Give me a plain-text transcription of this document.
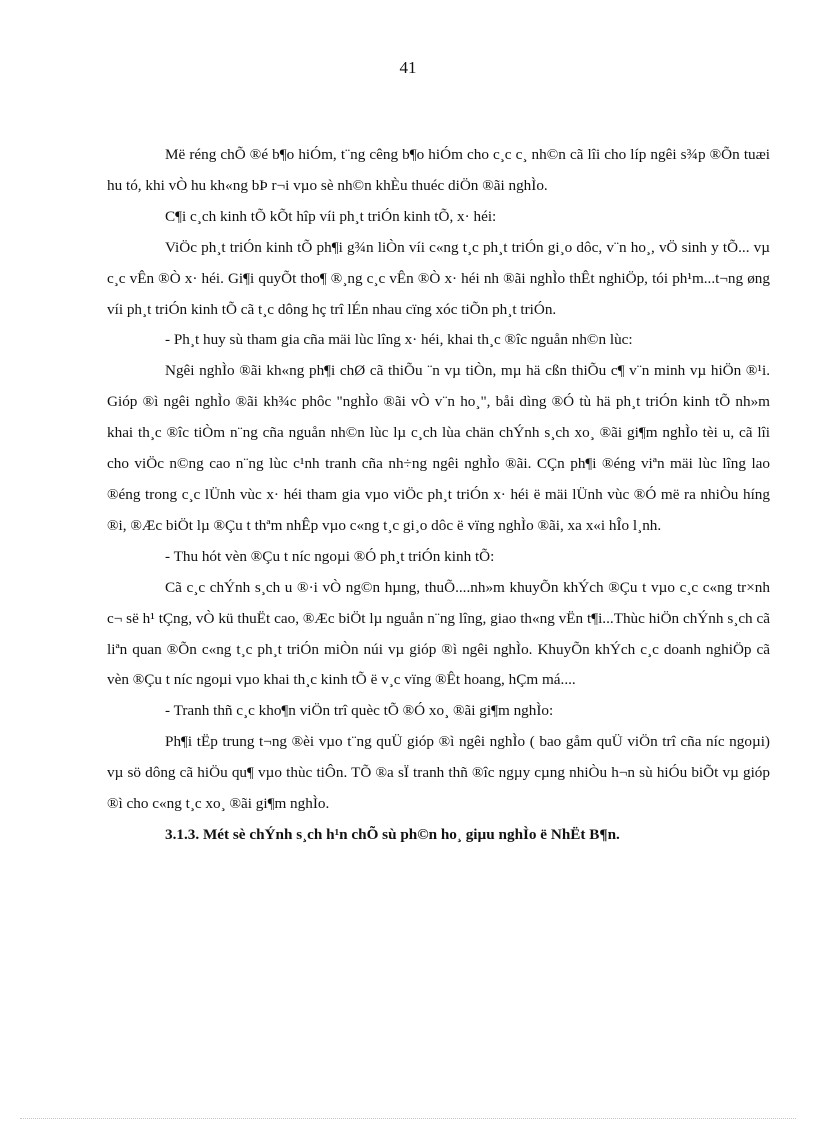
41

Më réng chÕ ®é b¶o hiÓm, t¨ng cêng b¶o hiÓm cho c¸c c¸ nh©n cã lîi cho líp ngêi s¾p ®Õn tuæi hu tó, khi vÒ hu kh«ng bÞ r¬i vµo sè nh©n khÈu thuéc diÖn ®ãi nghÌo.

C¶i c¸ch kinh tÕ kÕt hîp víi ph¸t triÓn kinh tÕ, x· héi:

ViÖc ph¸t triÓn kinh tÕ ph¶i g¾n liÒn víi c«ng t¸c ph¸t triÓn gi¸o dôc, v¨n ho¸, vÖ sinh y tÕ... vµ c¸c vÊn ®Ò x· héi. Gi¶i quyÕt tho¶ ®¸ng c¸c vÊn ®Ò x· héi nh ®ãi nghÌo thÊt nghiÖp, tói ph¹m...t¬ng øng víi ph¸t triÓn kinh tÕ cã t¸c dông hç trî lÉn nhau cïng xóc tiÕn ph¸t triÓn.

- Ph¸t huy sù tham gia cña mäi lùc lîng x· héi, khai th¸c ®îc nguån nh©n lùc:

Ngêi nghÌo ®ãi kh«ng ph¶i chØ cã thiÕu ¨n vµ tiÒn, mµ hä cßn thiÕu c¶ v¨n minh vµ hiÖn ®¹i. Gióp ®ì ngêi nghÌo ®ãi kh¾c phôc "nghÌo ®ãi vÒ v¨n ho¸", båi dìng ®Ó tù hä ph¸t triÓn kinh tÕ nh»m khai th¸c ®îc tiÒm n¨ng cña nguån nh©n lùc lµ c¸ch lùa chän chÝnh s¸ch xo¸ ®ãi gi¶m nghÌo tèi u, cã lîi cho viÖc n©ng cao n¨ng lùc c¹nh tranh cña nh÷ng ngêi nghÌo ®ãi. CÇn ph¶i ®éng viªn mäi lùc lîng lao ®éng trong c¸c lÜnh vùc x· héi tham gia vµo viÖc ph¸t triÓn x· héi ë mäi lÜnh vùc ®Ó më ra nhiÒu híng ®i, ®Æc biÖt lµ ®Çu t thªm nhÊp vµo c«ng t¸c gi¸o dôc ë vïng nghÌo ®ãi, xa x«i hÎo l¸nh.

- Thu hót vèn ®Çu t níc ngoµi ®Ó ph¸t triÓn kinh tÕ:

Cã c¸c chÝnh s¸ch u ®·i vÒ ng©n hµng, thuÕ....nh»m khuyÕn khÝch ®Çu t vµo c¸c c«ng tr×nh c¬ së h¹ tÇng, vÒ kü thuËt cao, ®Æc biÖt lµ nguån n¨ng lîng, giao th«ng vËn t¶i...Thùc hiÖn chÝnh s¸ch cã liªn quan ®Õn c«ng t¸c ph¸t triÓn miÒn núi vµ gióp ®ì ngêi nghÌo. KhuyÕn khÝch c¸c doanh nghiÖp cã vèn ®Çu t níc ngoµi vµo khai th¸c kinh tÕ ë v¸c vïng ®Êt hoang, hÇm má....

- Tranh thñ c¸c kho¶n viÖn trî quèc tÕ ®Ó xo¸ ®ãi gi¶m nghÌo:

Ph¶i tËp trung t¬ng ®èi vµo t¨ng quÜ gióp ®ì ngêi nghÌo ( bao gåm quÜ viÖn trî cña níc ngoµi) vµ sö dông cã hiÖu qu¶ vµo thùc tiÔn. TÕ ®a sÏ tranh thñ ®îc ngµy cµng nhiÒu h¬n sù hiÓu biÕt vµ gióp ®ì cho c«ng t¸c xo¸ ®ãi gi¶m nghÌo.

3.1.3. Mét sè chÝnh s¸ch h¹n chÕ sù ph©n ho¸ giµu nghÌo ë NhËt B¶n.
